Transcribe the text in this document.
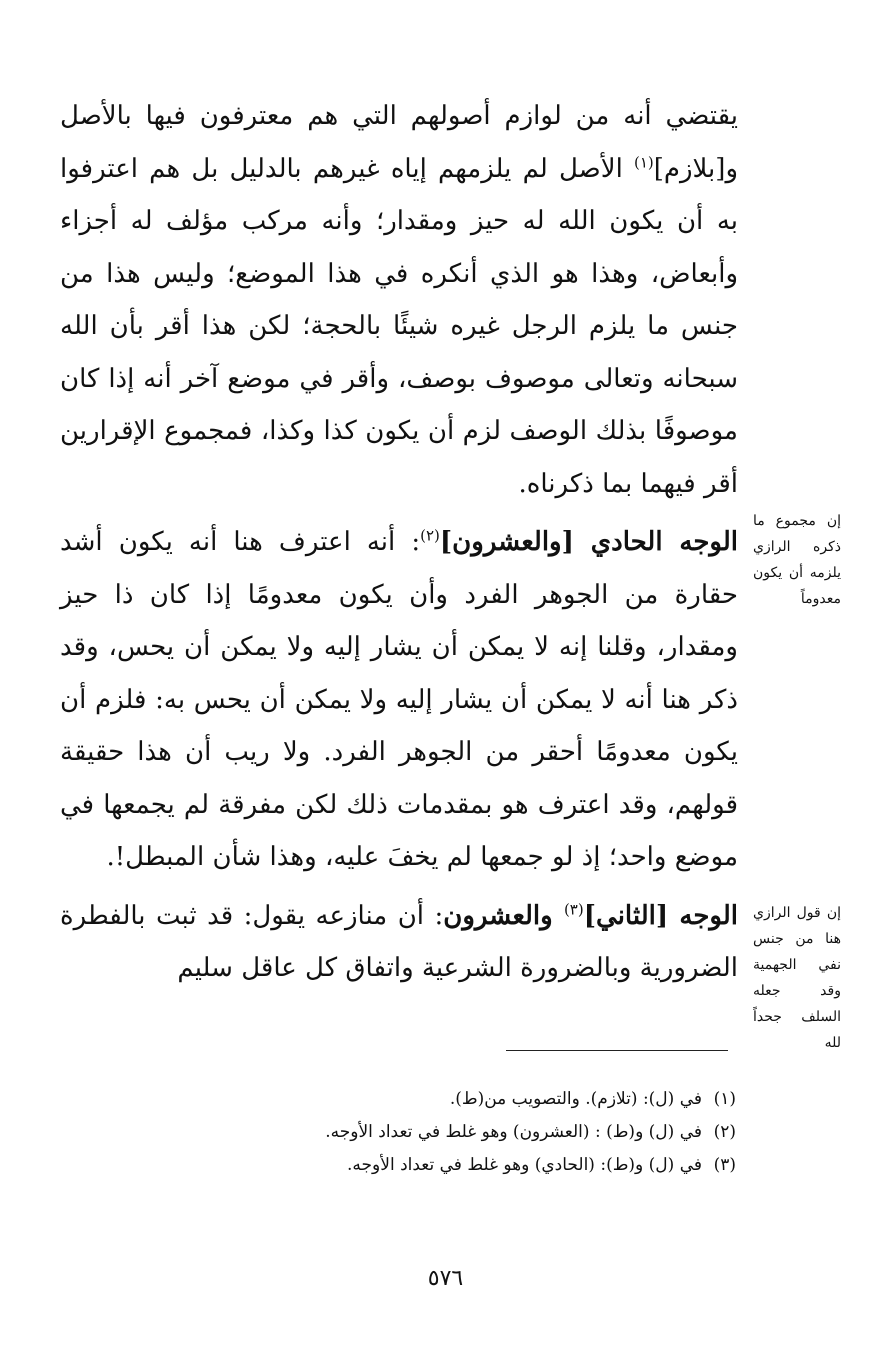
يقتضي أنه من لوازم أصولهم التي هم معترفون فيها بالأصل و[بلازم]$^{(١)}$ الأصل لم يلزمهم إياه غيرهم بالدليل بل هم اعترفوا به أن يكون الله له حيز ومقدار؛ وأنه مركب مؤلف له أجزاء وأبعاض، وهذا هو الذي أنكره في هذا الموضع؛ وليس هذا من جنس ما يلزم الرجل غيره شيئًا بالحجة؛ لكن هذا أقر بأن الله سبحانه وتعالى موصوف بوصف، وأقر في موضع آخر أنه إذا كان موصوفًا بذلك الوصف لزم أن يكون كذا وكذا، فمجموع الإقرارين أقر فيهما بما ذكرناه.

الوجه الحادي [والعشرون]$^{(٢)}$: أنه اعترف هنا أنه يكون أشد حقارة من الجوهر الفرد وأن يكون معدومًا إذا كان ذا حيز ومقدار، وقلنا إنه لا يمكن أن يشار إليه ولا يمكن أن يحس، وقد ذكر هنا أنه لا يمكن أن يشار إليه ولا يمكن أن يحس به: فلزم أن يكون معدومًا أحقر من الجوهر الفرد. ولا ريب أن هذا حقيقة قولهم، وقد اعترف هو بمقدمات ذلك لكن مفرقة لم يجمعها في موضع واحد؛ إذ لو جمعها لم يخفَ عليه، وهذا شأن المبطل!.

الوجه [الثاني]$^{(٣)}$ والعشرون: أن منازعه يقول: قد ثبت بالفطرة الضرورية وبالضرورة الشرعية واتفاق كل عاقل سليم

إن مجموع ما ذكره الرازي يلزمه أن يكون معدوماً
إن قول الرازي هنا من جنس نفي الجهمية وقد جعله السلف جحداً لله
(١)في (ل): (تلازم). والتصويب من(ط).
(٢)في (ل) و(ط) : (العشرون) وهو غلط في تعداد الأوجه.
(٣)في (ل) و(ط): (الحادي) وهو غلط في تعداد الأوجه.
٥٧٦
